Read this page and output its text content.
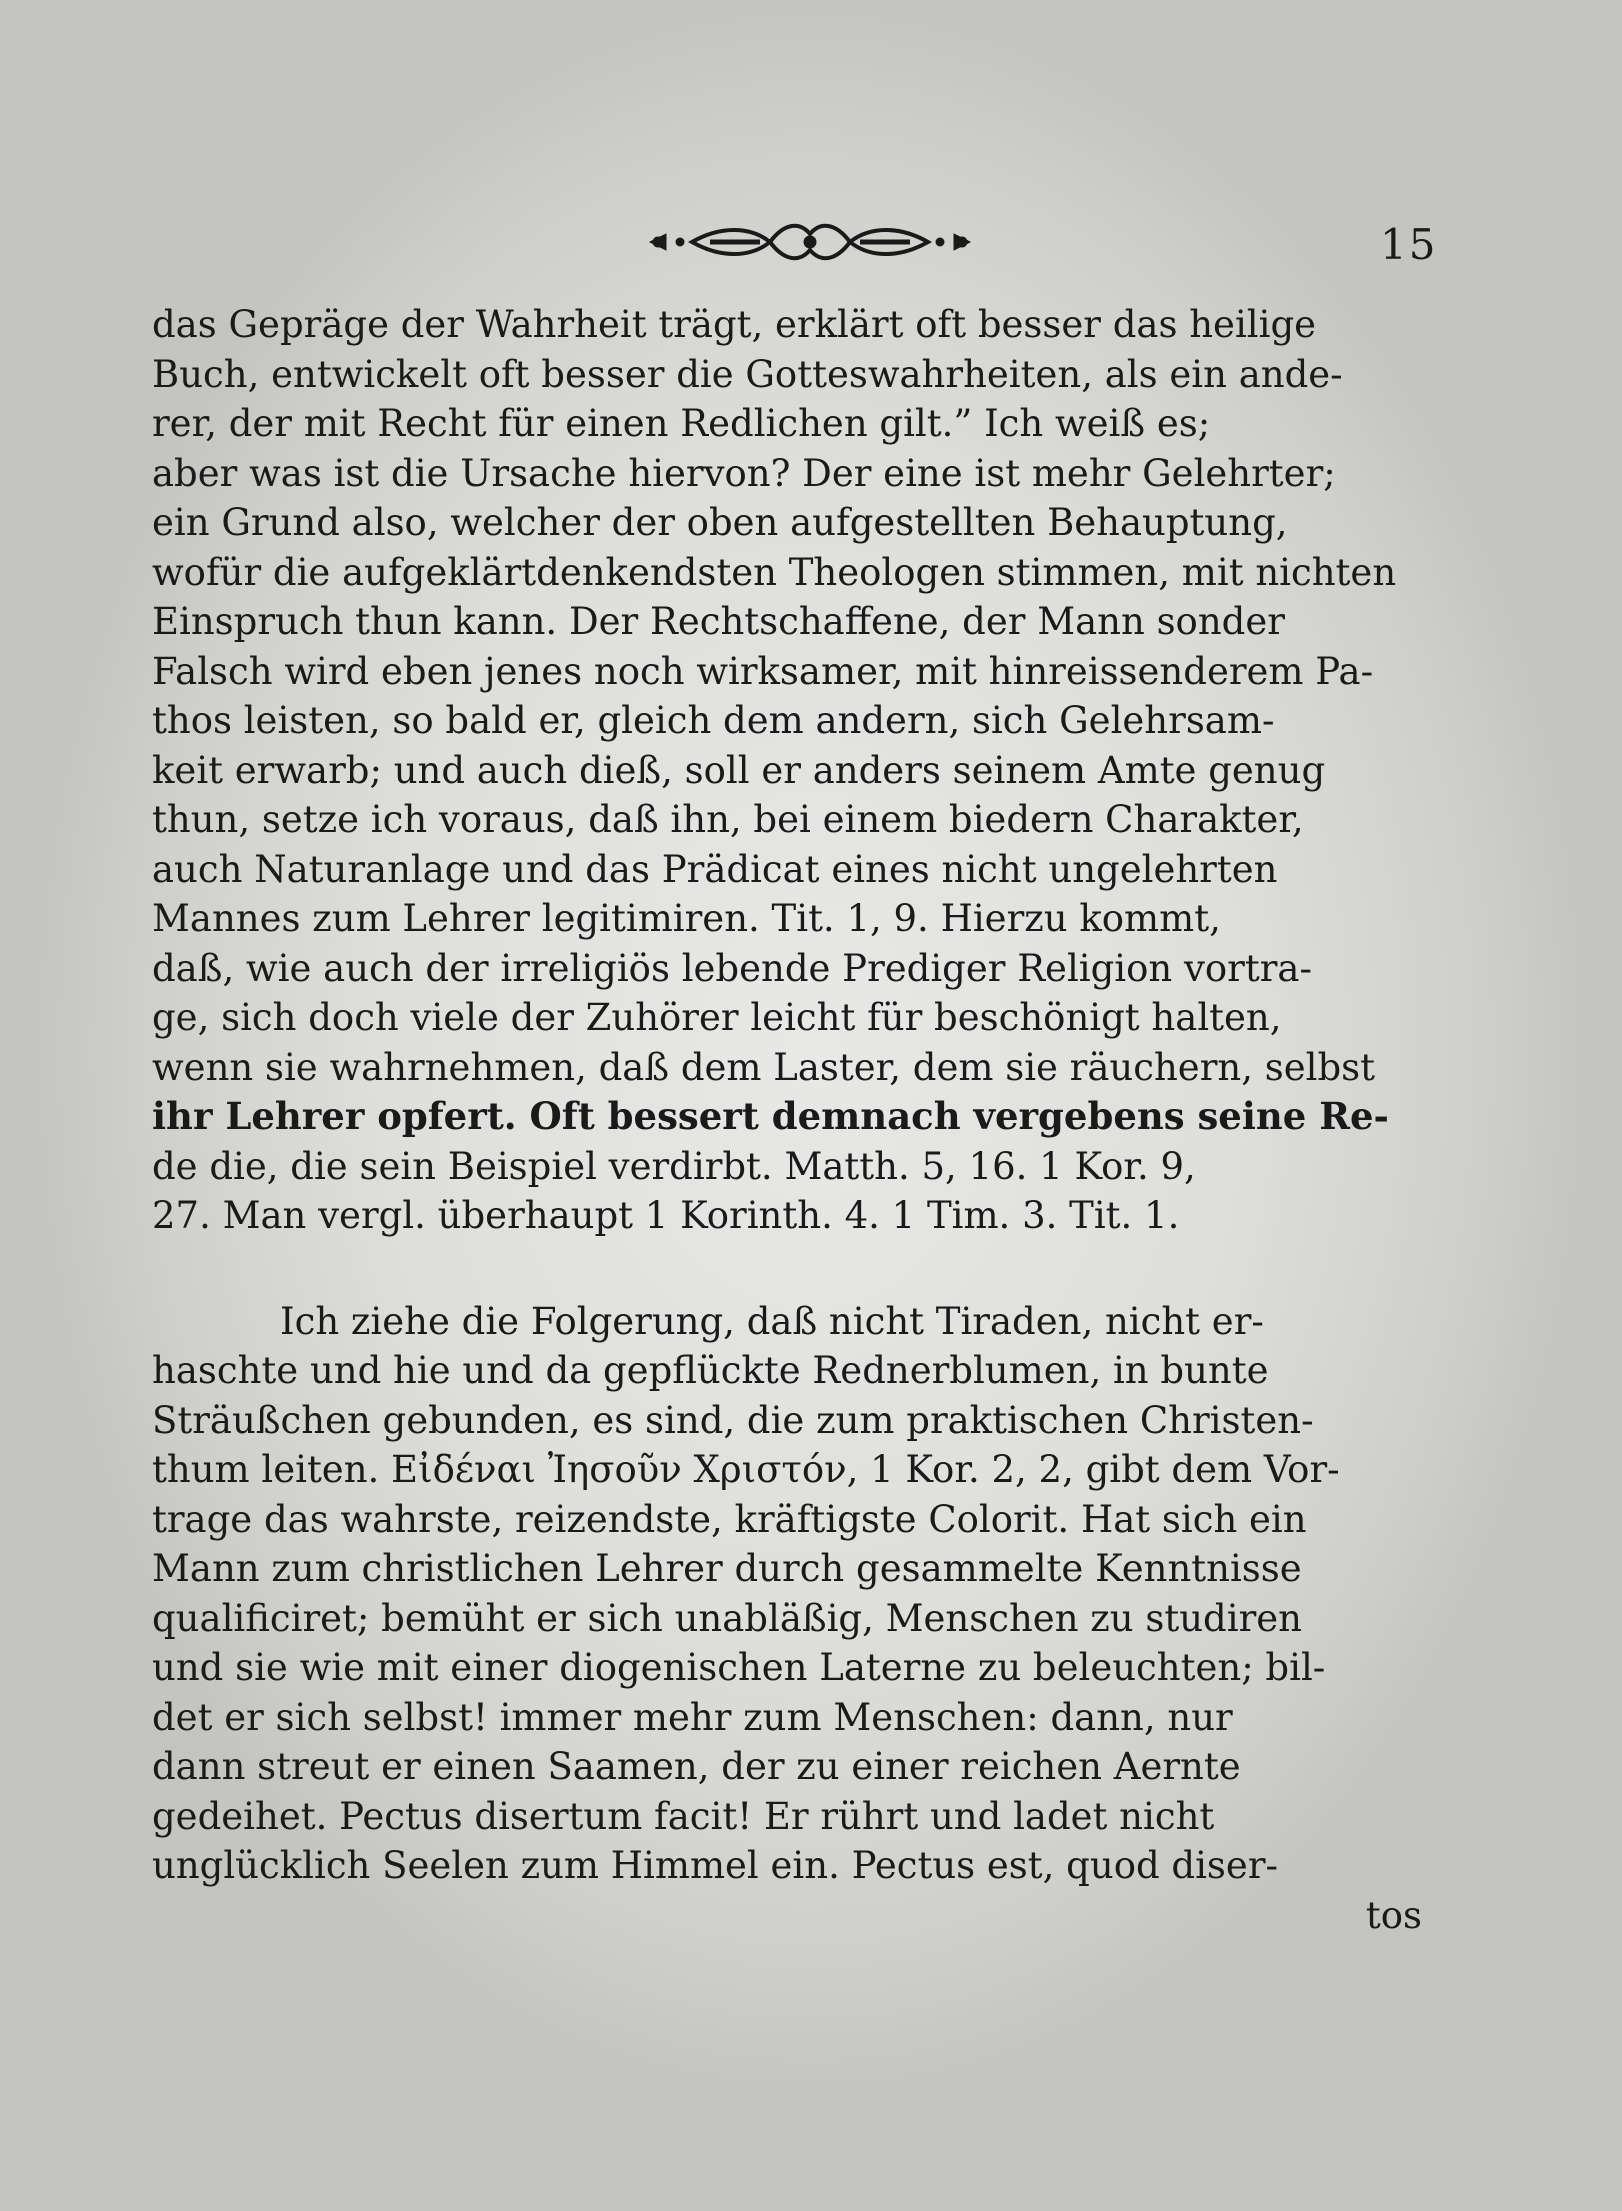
15
das Gepräge der Wahrheit trägt, erklärt oft besser das heilige
Buch, entwickelt oft besser die Gotteswahrheiten, als ein ande-
rer, der mit Recht für einen Redlichen gilt.” Ich weiß es;
aber was ist die Ursache hiervon? Der eine ist mehr Gelehrter;
ein Grund also, welcher der oben aufgestellten Behauptung,
wofür die aufgeklärtdenkendsten Theologen stimmen, mit nichten
Einspruch thun kann. Der Rechtschaffene, der Mann sonder
Falsch wird eben jenes noch wirksamer, mit hinreissenderem Pa-
thos leisten, so bald er, gleich dem andern, sich Gelehrsam-
keit erwarb; und auch dieß, soll er anders seinem Amte genug
thun, setze ich voraus, daß ihn, bei einem biedern Charakter,
auch Naturanlage und das Prädicat eines nicht ungelehrten
Mannes zum Lehrer legitimiren. Tit. 1, 9. Hierzu kommt,
daß, wie auch der irreligiös lebende Prediger Religion vortra-
ge, sich doch viele der Zuhörer leicht für beschönigt halten,
wenn sie wahrnehmen, daß dem Laster, dem sie räuchern, selbst
ihr Lehrer opfert. Oft bessert demnach vergebens seine Re-
de die, die sein Beispiel verdirbt. Matth. 5, 16. 1 Kor. 9,
27. Man vergl. überhaupt 1 Korinth. 4. 1 Tim. 3. Tit. 1.
Ich ziehe die Folgerung, daß nicht Tiraden, nicht er-
haschte und hie und da gepflückte Rednerblumen, in bunte
Sträußchen gebunden, es sind, die zum praktischen Christen-
thum leiten. Εἰδέναι Ἰησοῦν Χριστόν, 1 Kor. 2, 2, gibt dem Vor-
trage das wahrste, reizendste, kräftigste Colorit. Hat sich ein
Mann zum christlichen Lehrer durch gesammelte Kenntnisse
qualificiret; bemüht er sich unabläßig, Menschen zu studiren
und sie wie mit einer diogenischen Laterne zu beleuchten; bil-
det er sich selbst! immer mehr zum Menschen: dann, nur
dann streut er einen Saamen, der zu einer reichen Aernte
gedeihet. Pectus disertum facit! Er rührt und ladet nicht
unglücklich Seelen zum Himmel ein. Pectus est, quod diser-
tos
